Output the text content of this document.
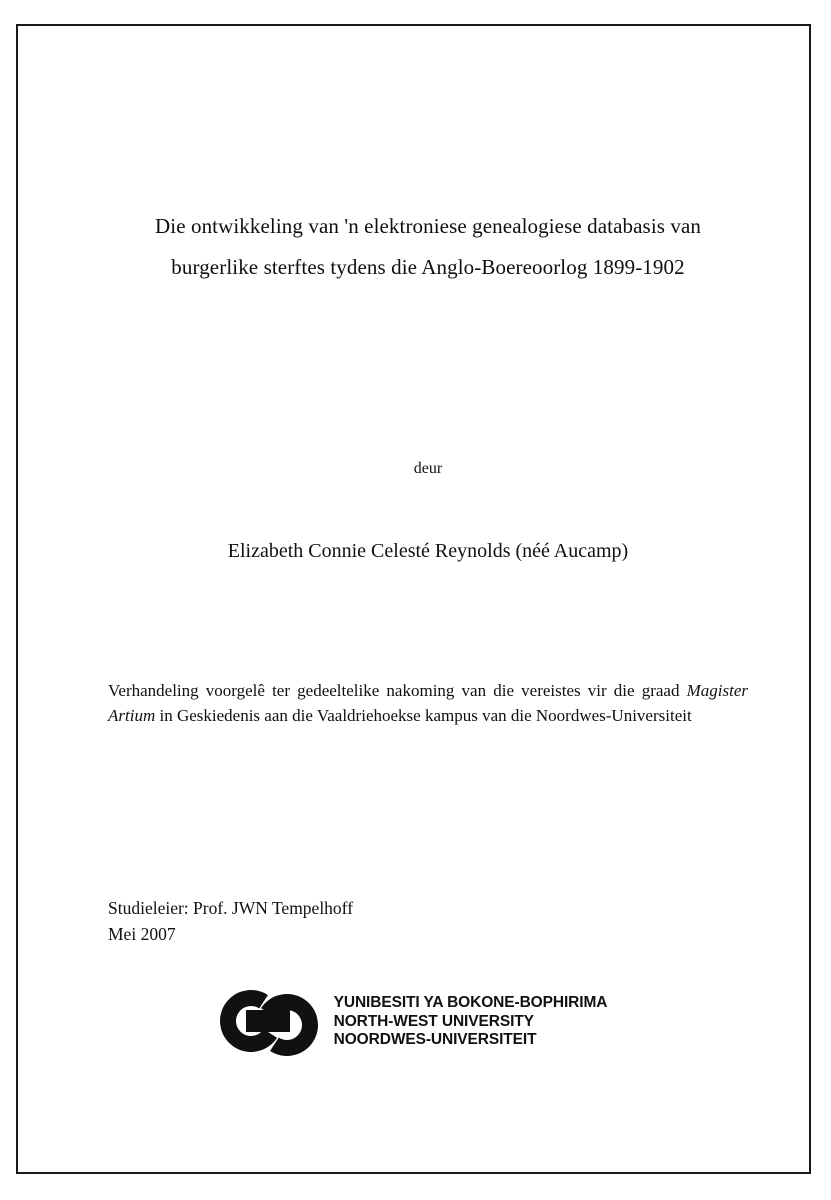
Die ontwikkeling van 'n elektroniese genealogiese databasis van
burgerlike sterftes tydens die Anglo-Boereoorlog 1899-1902
deur
Elizabeth Connie Celesté Reynolds (néé Aucamp)
Verhandeling voorgelê ter gedeeltelike nakoming van die vereistes vir die graad Magister Artium in Geskiedenis aan die Vaaldriehoekse kampus van die Noordwes-Universiteit
Studieleier: Prof. JWN Tempelhoff
Mei 2007
YUNIBESITI YA BOKONE-BOPHIRIMA
NORTH-WEST UNIVERSITY
NOORDWES-UNIVERSITEIT
